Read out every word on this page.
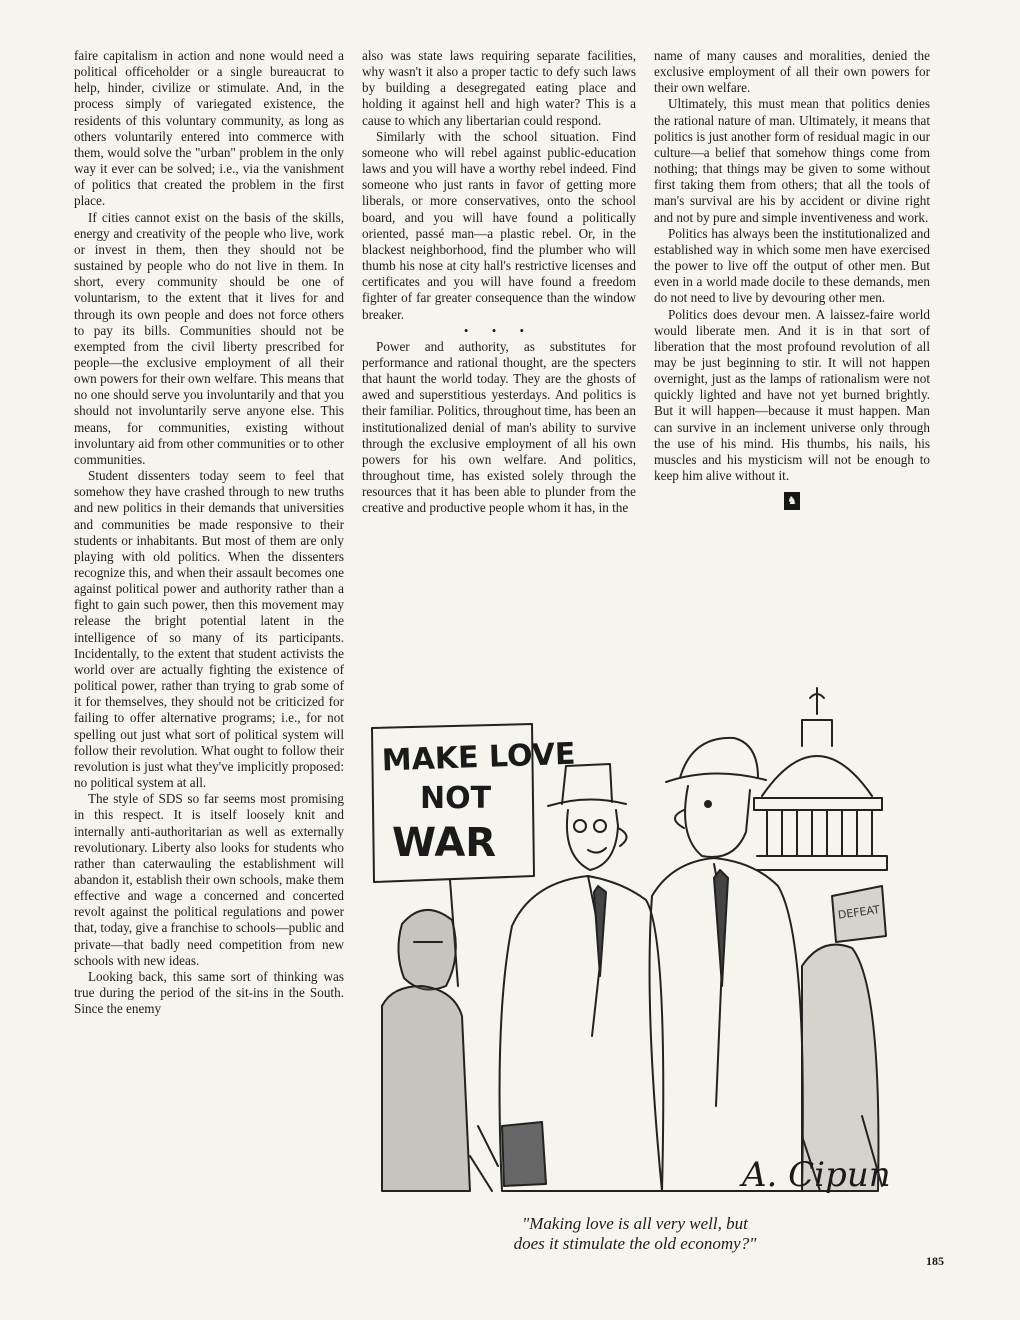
faire capitalism in action and none would need a political officeholder or a single bureaucrat to help, hinder, civilize or stimulate. And, in the process simply of variegated existence, the residents of this voluntary community, as long as others voluntarily entered into commerce with them, would solve the "urban" problem in the only way it ever can be solved; i.e., via the vanishment of politics that created the problem in the first place.

If cities cannot exist on the basis of the skills, energy and creativity of the people who live, work or invest in them, then they should not be sustained by people who do not live in them. In short, every community should be one of voluntarism, to the extent that it lives for and through its own people and does not force others to pay its bills. Communities should not be exempted from the civil liberty prescribed for people—the exclusive employment of all their own powers for their own welfare. This means that no one should serve you involuntarily and that you should not involuntarily serve anyone else. This means, for communities, existing without involuntary aid from other communities or to other communities.

Student dissenters today seem to feel that somehow they have crashed through to new truths and new politics in their demands that universities and communities be made responsive to their students or inhabitants. But most of them are only playing with old politics. When the dissenters recognize this, and when their assault becomes one against political power and authority rather than a fight to gain such power, then this movement may release the bright potential latent in the intelligence of so many of its participants. Incidentally, to the extent that student activists the world over are actually fighting the existence of political power, rather than trying to grab some of it for themselves, they should not be criticized for failing to offer alternative programs; i.e., for not spelling out just what sort of political system will follow their revolution. What ought to follow their revolution is just what they've implicitly proposed: no political system at all.

The style of SDS so far seems most promising in this respect. It is itself loosely knit and internally anti-authoritarian as well as externally revolutionary. Liberty also looks for students who rather than caterwauling the establishment will abandon it, establish their own schools, make them effective and wage a concerned and concerted revolt against the political regulations and power that, today, give a franchise to schools—public and private—that badly need competition from new schools with new ideas.

Looking back, this same sort of thinking was true during the period of the sit-ins in the South. Since the enemy

also was state laws requiring separate facilities, why wasn't it also a proper tactic to defy such laws by building a desegregated eating place and holding it against hell and high water? This is a cause to which any libertarian could respond.

Similarly with the school situation. Find someone who will rebel against public-education laws and you will have a worthy rebel indeed. Find someone who just rants in favor of getting more liberals, or more conservatives, onto the school board, and you will have found a politically oriented, passé man—a plastic rebel. Or, in the blackest neighborhood, find the plumber who will thumb his nose at city hall's restrictive licenses and certificates and you will have found a freedom fighter of far greater consequence than the window breaker.

• • •

Power and authority, as substitutes for performance and rational thought, are the specters that haunt the world today. They are the ghosts of awed and superstitious yesterdays. And politics is their familiar. Politics, throughout time, has been an institutionalized denial of man's ability to survive through the exclusive employment of all his own powers for his own welfare. And politics, throughout time, has existed solely through the resources that it has been able to plunder from the creative and productive people whom it has, in the

name of many causes and moralities, denied the exclusive employment of all their own powers for their own welfare.

Ultimately, this must mean that politics denies the rational nature of man. Ultimately, it means that politics is just another form of residual magic in our culture—a belief that somehow things come from nothing; that things may be given to some without first taking them from others; that all the tools of man's survival are his by accident or divine right and not by pure and simple inventiveness and work.

Politics has always been the institutionalized and established way in which some men have exercised the power to live off the output of other men. But even in a world made docile to these demands, men do not need to live by devouring other men.

Politics does devour men. A laissez-faire world would liberate men. And it is in that sort of liberation that the most profound revolution of all may be just beginning to stir. It will not happen overnight, just as the lamps of rationalism were not quickly lighted and have not yet burned brightly. But it will happen—because it must happen. Man can survive in an inclement universe only through the use of his mind. His thumbs, his nails, his muscles and his mysticism will not be enough to keep him alive without it.

♞
MAKE LOVE
NOT
WAR
DEFEAT
A. Cipun
"Making love is all very well, but
does it stimulate the old economy?"
185
